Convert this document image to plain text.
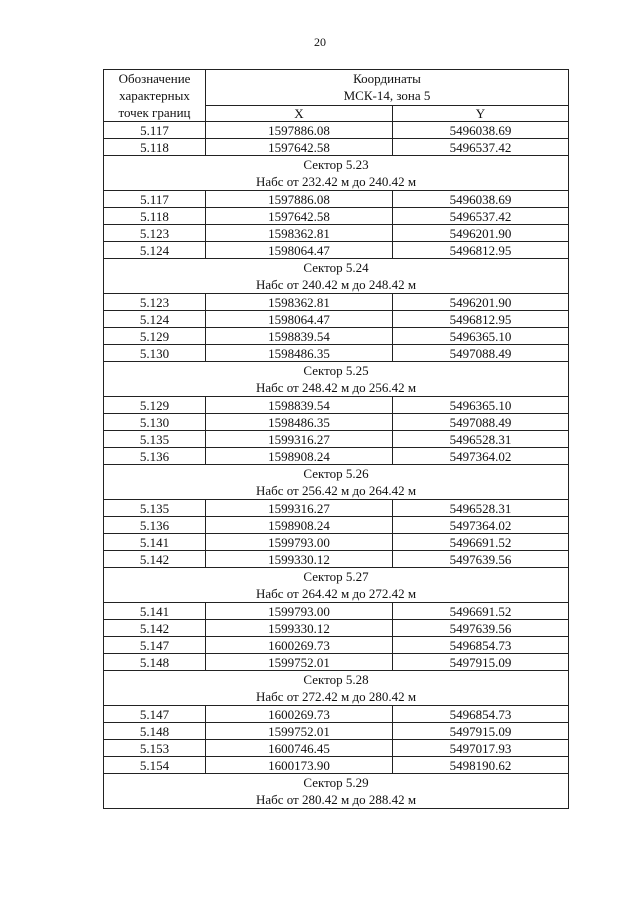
20
Обозначение характерных точек границ	Координаты
МСК-14, зона 5	

	X	Y
5.117	1597886.08	5496038.69
5.118	1597642.58	5496537.42

Сектор 5.23
Набс от 232.42 м до 240.42 м		

5.117	1597886.08	5496038.69
5.118	1597642.58	5496537.42
5.123	1598362.81	5496201.90
5.124	1598064.47	5496812.95

Сектор 5.24
Набс от 240.42 м до 248.42 м		

5.123	1598362.81	5496201.90
5.124	1598064.47	5496812.95
5.129	1598839.54	5496365.10
5.130	1598486.35	5497088.49

Сектор 5.25
Набс от 248.42 м до 256.42 м		

5.129	1598839.54	5496365.10
5.130	1598486.35	5497088.49
5.135	1599316.27	5496528.31
5.136	1598908.24	5497364.02

Сектор 5.26
Набс от 256.42 м до 264.42 м		

5.135	1599316.27	5496528.31
5.136	1598908.24	5497364.02
5.141	1599793.00	5496691.52
5.142	1599330.12	5497639.56

Сектор 5.27
Набс от 264.42 м до 272.42 м		

5.141	1599793.00	5496691.52
5.142	1599330.12	5497639.56
5.147	1600269.73	5496854.73
5.148	1599752.01	5497915.09

Сектор 5.28
Набс от 272.42 м до 280.42 м		

5.147	1600269.73	5496854.73
5.148	1599752.01	5497915.09
5.153	1600746.45	5497017.93
5.154	1600173.90	5498190.62

Сектор 5.29
Набс от 280.42 м до 288.42 м		
